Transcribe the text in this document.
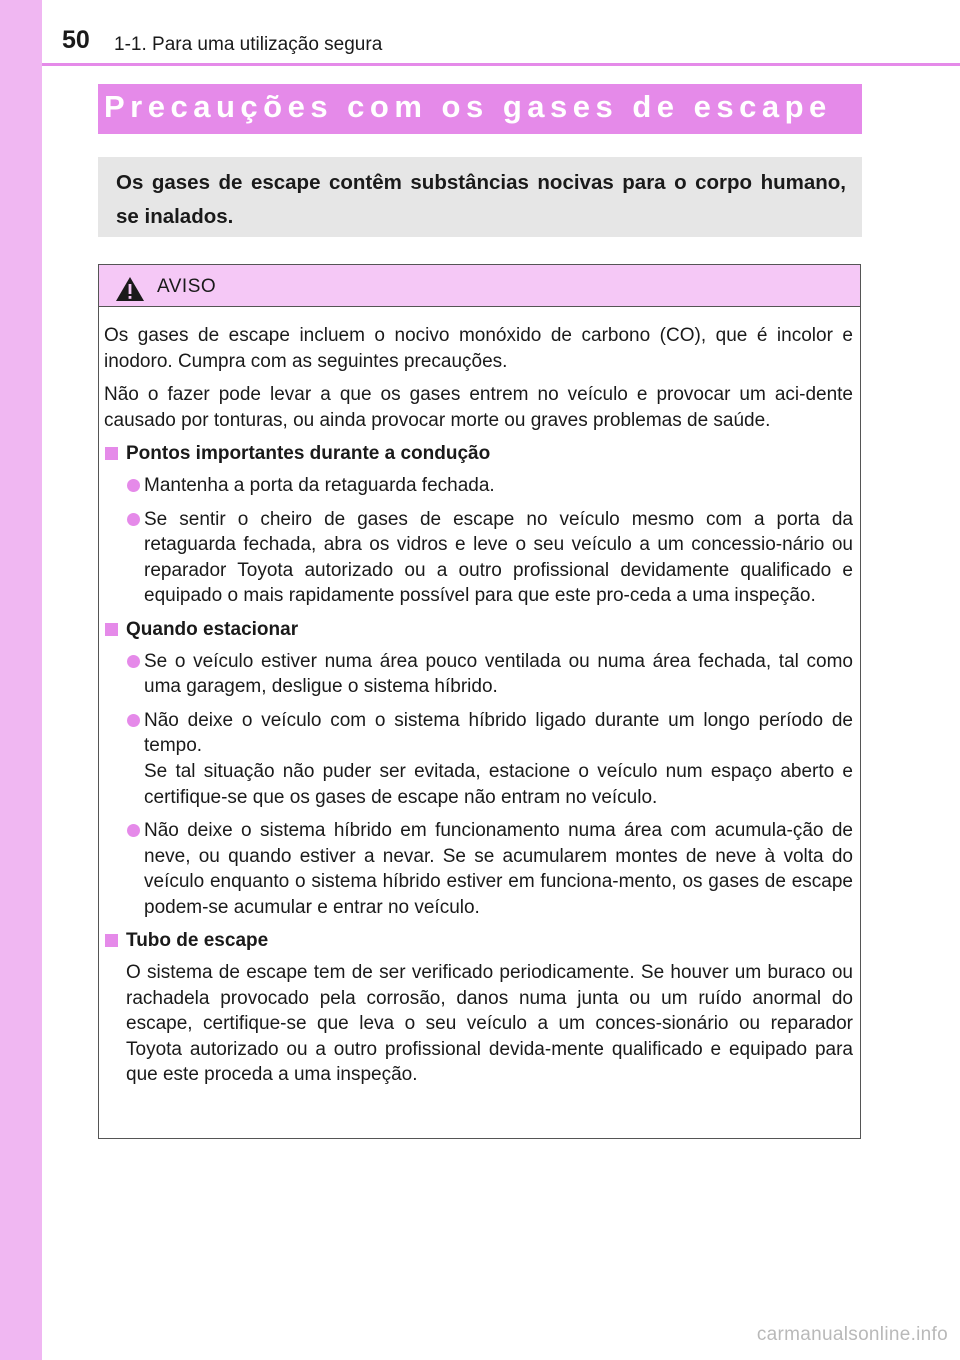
50 1-1. Para uma utilização segura
Precauções com os gases de escape

Os gases de escape contêm substâncias nocivas para o corpo humano, se inalados.

AVISO

Os gases de escape incluem o nocivo monóxido de carbono (CO), que é incolor e inodoro. Cumpra com as seguintes precauções.

Não o fazer pode levar a que os gases entrem no veículo e provocar um aci-dente causado por tonturas, ou ainda provocar morte ou graves problemas de saúde.

Pontos importantes durante a condução
Mantenha a porta da retaguarda fechada.
Se sentir o cheiro de gases de escape no veículo mesmo com a porta da retaguarda fechada, abra os vidros e leve o seu veículo a um concessio-nário ou reparador Toyota autorizado ou a outro profissional devidamente qualificado e equipado o mais rapidamente possível para que este pro-ceda a uma inspeção.
Quando estacionar
Se o veículo estiver numa área pouco ventilada ou numa área fechada, tal como uma garagem, desligue o sistema híbrido.
Não deixe o veículo com o sistema híbrido ligado durante um longo período de tempo.
Se tal situação não puder ser evitada, estacione o veículo num espaço aberto e certifique-se que os gases de escape não entram no veículo.
Não deixe o sistema híbrido em funcionamento numa área com acumula-ção de neve, ou quando estiver a nevar. Se se acumularem montes de neve à volta do veículo enquanto o sistema híbrido estiver em funciona-mento, os gases de escape podem-se acumular e entrar no veículo.
Tubo de escape

O sistema de escape tem de ser verificado periodicamente. Se houver um buraco ou rachadela provocado pela corrosão, danos numa junta ou um ruído anormal do escape, certifique-se que leva o seu veículo a um conces-sionário ou reparador Toyota autorizado ou a outro profissional devida-mente qualificado e equipado para que este proceda a uma inspeção.

carmanualsonline.info
